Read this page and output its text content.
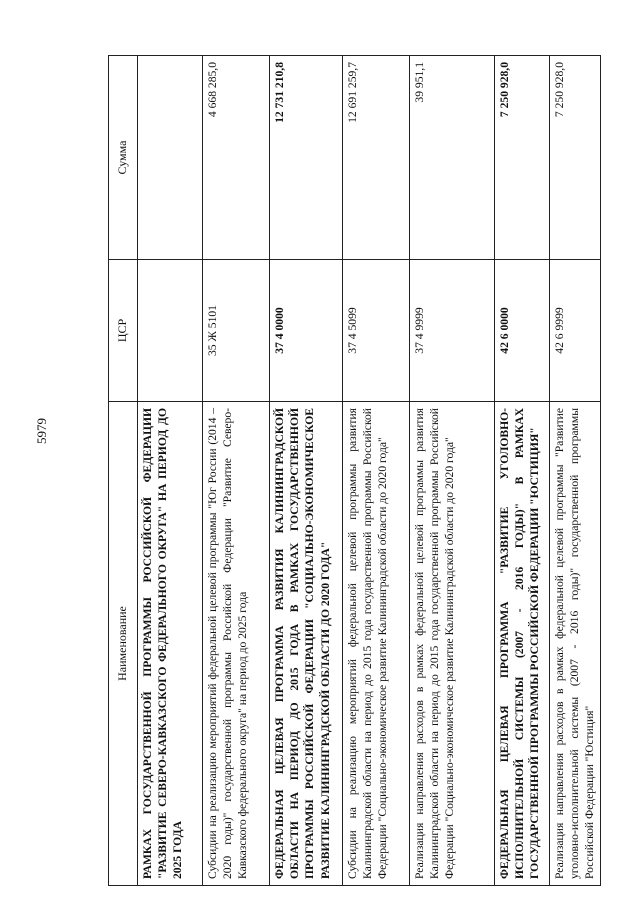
5979
Наименование	ЦСР	Сумма
РАМКАХ ГОСУДАРСТВЕННОЙ ПРОГРАММЫ РОССИЙСКОЙ ФЕДЕРАЦИИ "РАЗВИТИЕ СЕВЕРО-КАВКАЗСКОГО ФЕДЕРАЛЬНОГО ОКРУГА" НА ПЕРИОД ДО 2025 ГОДА		
Субсидии на реализацию мероприятий федеральной целевой программы "Юг России (2014 – 2020 годы)" государственной программы Российской Федерации "Развитие Северо-Кавказского федерального округа" на период до 2025 года	35 Ж 5101	4 668 285,0
ФЕДЕРАЛЬНАЯ ЦЕЛЕВАЯ ПРОГРАММА РАЗВИТИЯ КАЛИНИНГРАДСКОЙ ОБЛАСТИ НА ПЕРИОД ДО 2015 ГОДА В РАМКАХ ГОСУДАРСТВЕННОЙ ПРОГРАММЫ РОССИЙСКОЙ ФЕДЕРАЦИИ "СОЦИАЛЬНО-ЭКОНОМИЧЕСКОЕ РАЗВИТИЕ КАЛИНИНГРАДСКОЙ ОБЛАСТИ ДО 2020 ГОДА"	37 4 0000	12 731 210,8
Субсидии на реализацию мероприятий федеральной целевой программы развития Калининградской области на период до 2015 года государственной программы Российской Федерации "Социально-экономическое развитие Калининградской области до 2020 года"	37 4 5099	12 691 259,7
Реализация направления расходов в рамках федеральной целевой программы развития Калининградской области на период до 2015 года государственной программы Российской Федерации "Социально-экономическое развитие Калининградской области до 2020 года"	37 4 9999	39 951,1
ФЕДЕРАЛЬНАЯ ЦЕЛЕВАЯ ПРОГРАММА "РАЗВИТИЕ УГОЛОВНО-ИСПОЛНИТЕЛЬНОЙ СИСТЕМЫ (2007 - 2016 ГОДЫ)" В РАМКАХ ГОСУДАРСТВЕННОЙ ПРОГРАММЫ РОССИЙСКОЙ ФЕДЕРАЦИИ "ЮСТИЦИЯ"	42 6 0000	7 250 928,0
Реализация направления расходов в рамках федеральной целевой программы "Развитие уголовно-исполнительной системы (2007 - 2016 годы)" государственной программы Российской Федерации "Юстиция"	42 6 9999	7 250 928,0
